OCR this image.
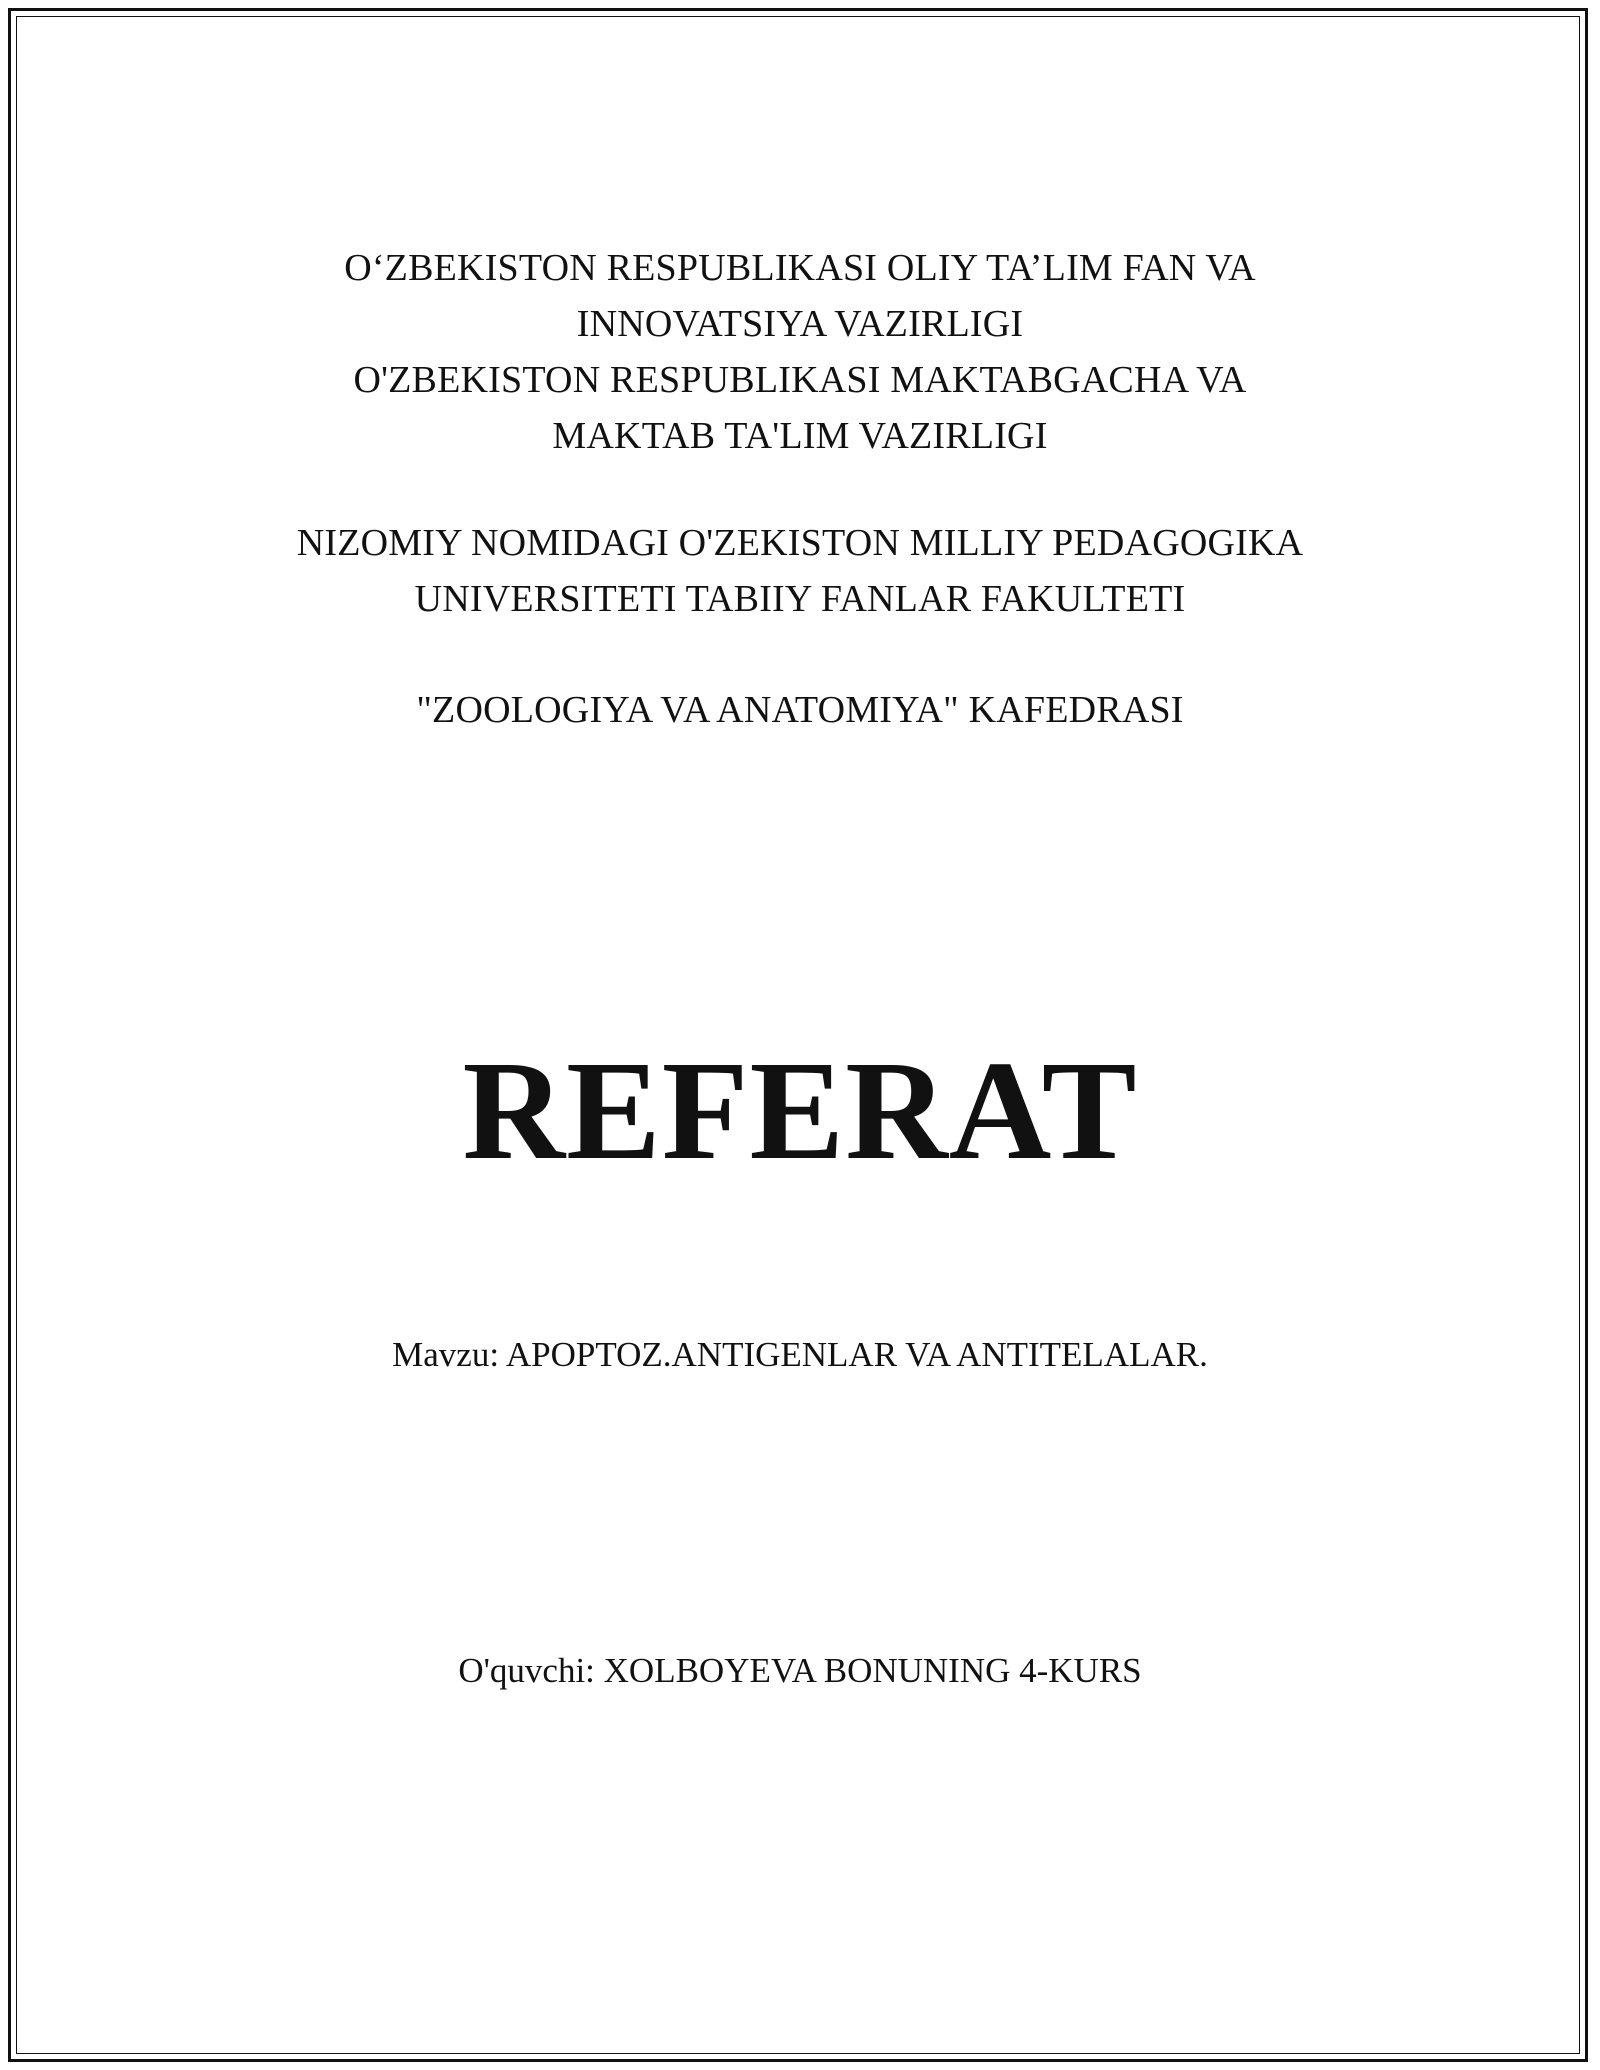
O‘ZBEKISTON RESPUBLIKASI OLIY TA’LIM FAN VA
INNOVATSIYA VAZIRLIGI
O'ZBEKISTON RESPUBLIKASI MAKTABGACHA VA
MAKTAB TA'LIM VAZIRLIGI
NIZOMIY NOMIDAGI O'ZEKISTON MILLIY PEDAGOGIKA
UNIVERSITETI TABIIY FANLAR FAKULTETI
"ZOOLOGIYA VA ANATOMIYA" KAFEDRASI
REFERAT
Mavzu: APOPTOZ.ANTIGENLAR VA ANTITELALAR.
O'quvchi: XOLBOYEVA BONUNING 4-KURS
